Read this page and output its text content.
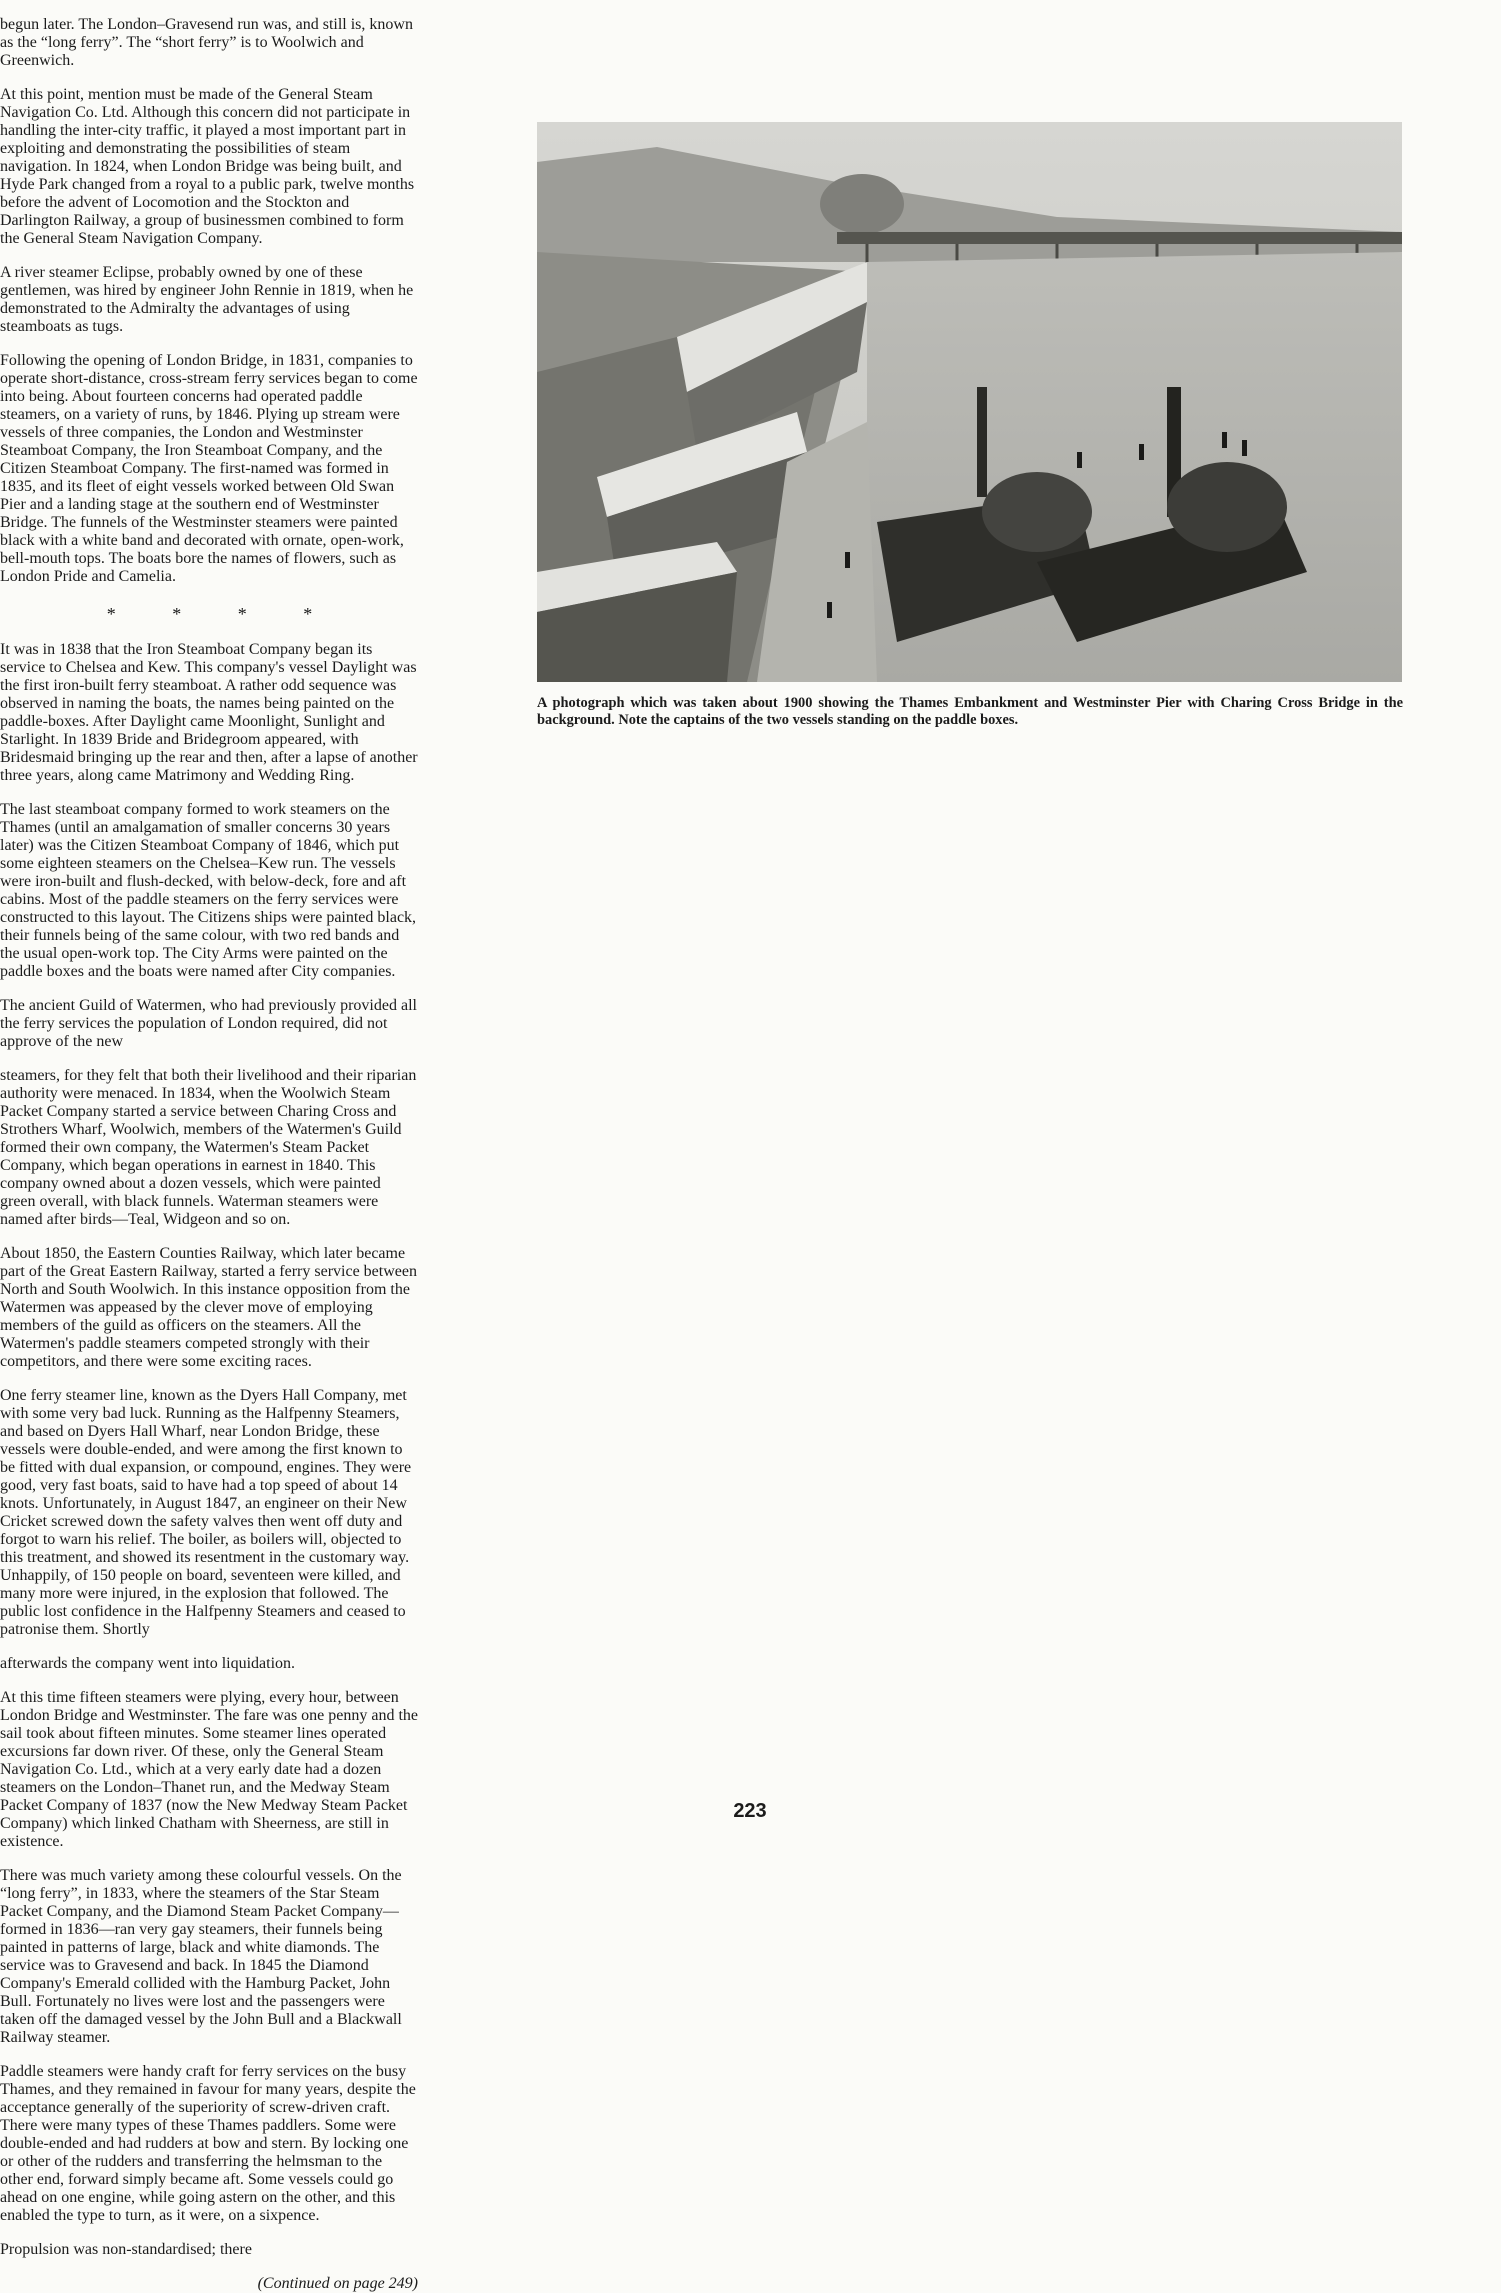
begun later. The London–Gravesend run was, and still is, known as the “long ferry”. The “short ferry” is to Woolwich and Greenwich.

At this point, mention must be made of the General Steam Navigation Co. Ltd. Although this concern did not participate in handling the inter-city traffic, it played a most important part in exploiting and demonstrating the possibilities of steam navigation. In 1824, when London Bridge was being built, and Hyde Park changed from a royal to a public park, twelve months before the advent of Locomotion and the Stockton and Darlington Railway, a group of businessmen combined to form the General Steam Navigation Company.

A river steamer Eclipse, probably owned by one of these gentlemen, was hired by engineer John Rennie in 1819, when he demonstrated to the Admiralty the advantages of using steamboats as tugs.

Following the opening of London Bridge, in 1831, companies to operate short-distance, cross-stream ferry services began to come into being. About fourteen concerns had operated paddle steamers, on a variety of runs, by 1846. Plying up stream were vessels of three companies, the London and Westminster Steamboat Company, the Iron Steamboat Company, and the Citizen Steamboat Company. The first-named was formed in 1835, and its fleet of eight vessels worked between Old Swan Pier and a landing stage at the southern end of Westminster Bridge. The funnels of the Westminster steamers were painted black with a white band and decorated with ornate, open-work, bell-mouth tops. The boats bore the names of flowers, such as London Pride and Camelia.

* * * *

It was in 1838 that the Iron Steamboat Company began its service to Chelsea and Kew. This company's vessel Daylight was the first iron-built ferry steamboat. A rather odd sequence was observed in naming the boats, the names being painted on the paddle-boxes. After Daylight came Moonlight, Sunlight and Starlight. In 1839 Bride and Bridegroom appeared, with Bridesmaid bringing up the rear and then, after a lapse of another three years, along came Matrimony and Wedding Ring.

The last steamboat company formed to work steamers on the Thames (until an amalgamation of smaller concerns 30 years later) was the Citizen Steamboat Company of 1846, which put some eighteen steamers on the Chelsea–Kew run. The vessels were iron-built and flush-decked, with below-deck, fore and aft cabins. Most of the paddle steamers on the ferry services were constructed to this layout. The Citizens ships were painted black, their funnels being of the same colour, with two red bands and the usual open-work top. The City Arms were painted on the paddle boxes and the boats were named after City companies.

The ancient Guild of Watermen, who had previously provided all the ferry services the population of London required, did not approve of the new

A photograph which was taken about 1900 showing the Thames Embankment and Westminster Pier with Charing Cross Bridge in the background. Note the captains of the two vessels standing on the paddle boxes.

steamers, for they felt that both their livelihood and their riparian authority were menaced. In 1834, when the Woolwich Steam Packet Company started a service between Charing Cross and Strothers Wharf, Woolwich, members of the Watermen's Guild formed their own company, the Watermen's Steam Packet Company, which began operations in earnest in 1840. This company owned about a dozen vessels, which were painted green overall, with black funnels. Waterman steamers were named after birds—Teal, Widgeon and so on.

About 1850, the Eastern Counties Railway, which later became part of the Great Eastern Railway, started a ferry service between North and South Woolwich. In this instance opposition from the Watermen was appeased by the clever move of employing members of the guild as officers on the steamers. All the Watermen's paddle steamers competed strongly with their competitors, and there were some exciting races.

One ferry steamer line, known as the Dyers Hall Company, met with some very bad luck. Running as the Halfpenny Steamers, and based on Dyers Hall Wharf, near London Bridge, these vessels were double-ended, and were among the first known to be fitted with dual expansion, or compound, engines. They were good, very fast boats, said to have had a top speed of about 14 knots. Unfortunately, in August 1847, an engineer on their New Cricket screwed down the safety valves then went off duty and forgot to warn his relief. The boiler, as boilers will, objected to this treatment, and showed its resentment in the customary way. Unhappily, of 150 people on board, seventeen were killed, and many more were injured, in the explosion that followed. The public lost confidence in the Halfpenny Steamers and ceased to patronise them. Shortly

afterwards the company went into liquidation.

At this time fifteen steamers were plying, every hour, between London Bridge and Westminster. The fare was one penny and the sail took about fifteen minutes. Some steamer lines operated excursions far down river. Of these, only the General Steam Navigation Co. Ltd., which at a very early date had a dozen steamers on the London–Thanet run, and the Medway Steam Packet Company of 1837 (now the New Medway Steam Packet Company) which linked Chatham with Sheerness, are still in existence.

There was much variety among these colourful vessels. On the “long ferry”, in 1833, where the steamers of the Star Steam Packet Company, and the Diamond Steam Packet Company—formed in 1836—ran very gay steamers, their funnels being painted in patterns of large, black and white diamonds. The service was to Gravesend and back. In 1845 the Diamond Company's Emerald collided with the Hamburg Packet, John Bull. Fortunately no lives were lost and the passengers were taken off the damaged vessel by the John Bull and a Blackwall Railway steamer.

Paddle steamers were handy craft for ferry services on the busy Thames, and they remained in favour for many years, despite the acceptance generally of the superiority of screw-driven craft. There were many types of these Thames paddlers. Some were double-ended and had rudders at bow and stern. By locking one or other of the rudders and transferring the helmsman to the other end, forward simply became aft. Some vessels could go ahead on one engine, while going astern on the other, and this enabled the type to turn, as it were, on a sixpence.

Propulsion was non-standardised; there

(Continued on page 249)

223
